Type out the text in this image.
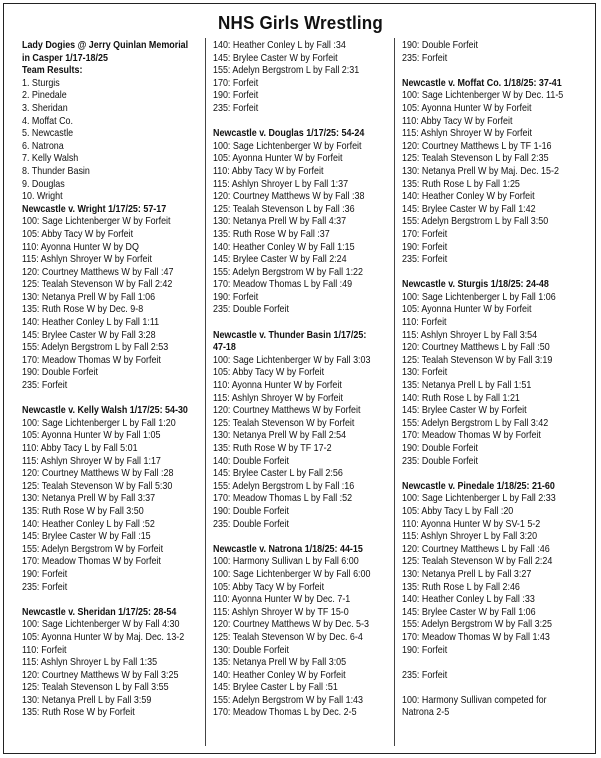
NHS Girls Wrestling
Lady Dogies @ Jerry Quinlan Memorial
in Casper 1/17-18/25
Team Results:
1. Sturgis
2. Pinedale
3. Sheridan
4. Moffat Co.
5. Newcastle
6. Natrona
7. Kelly Walsh
8. Thunder Basin
9. Douglas
10. Wright
Newcastle v. Wright 1/17/25: 57-17
100: Sage Lichtenberger W by Forfeit
105: Abby Tacy W by Forfeit
110: Ayonna Hunter W by DQ
115: Ashlyn Shroyer W by Forfeit
120: Courtney Matthews W by Fall :47
125: Tealah Stevenson W by Fall 2:42
130: Netanya Prell W by Fall 1:06
135: Ruth Rose W by Dec. 9-8
140: Heather Conley L by Fall 1:11
145: Brylee Caster W by Fall 3:28
155: Adelyn Bergstrom L by Fall 2:53
170: Meadow Thomas W by Forfeit
190: Double Forfeit
235: Forfeit
Newcastle v. Kelly Walsh 1/17/25: 54-30
100: Sage Lichtenberger L by Fall 1:20
105: Ayonna Hunter W by Fall 1:05
110: Abby Tacy L by Fall 5:01
115: Ashlyn Shroyer W by Fall 1:17
120: Courtney Matthews W by Fall :28
125: Tealah Stevenson W by Fall 5:30
130: Netanya Prell W by Fall 3:37
135: Ruth Rose W by Fall 3:50
140: Heather Conley L by Fall :52
145: Brylee Caster W by Fall :15
155: Adelyn Bergstrom W by Forfeit
170: Meadow Thomas W by Forfeit
190: Forfeit
235: Forfeit
Newcastle v. Sheridan 1/17/25: 28-54
100: Sage Lichtenberger W by Fall 4:30
105: Ayonna Hunter W by Maj. Dec. 13-2
110: Forfeit
115: Ashlyn Shroyer L by Fall 1:35
120: Courtney Matthews W by Fall 3:25
125: Tealah Stevenson L by Fall 3:55
130: Netanya Prell L by Fall 3:59
135: Ruth Rose W by Forfeit
140: Heather Conley L by Fall :34
145: Brylee Caster W by Forfeit
155: Adelyn Bergstrom L by Fall 2:31
170: Forfeit
190: Forfeit
235: Forfeit
Newcastle v. Douglas 1/17/25: 54-24
100: Sage Lichtenberger W by Forfeit
105: Ayonna Hunter W by Forfeit
110: Abby Tacy W by Forfeit
115: Ashlyn Shroyer L by Fall 1:37
120: Courtney Matthews W by Fall :38
125: Tealah Stevenson L by Fall :36
130: Netanya Prell W by Fall 4:37
135: Ruth Rose W by Fall :37
140: Heather Conley W by Fall 1:15
145: Brylee Caster W by Fall 2:24
155: Adelyn Bergstrom W by Fall 1:22
170: Meadow Thomas L by Fall :49
190: Forfeit
235: Double Forfeit
Newcastle v. Thunder Basin 1/17/25:
47-18
100: Sage Lichtenberger W by Fall 3:03
105: Abby Tacy W by Forfeit
110: Ayonna Hunter W by Forfeit
115: Ashlyn Shroyer W by Forfeit
120: Courtney Matthews W by Forfeit
125: Tealah Stevenson W by Forfeit
130: Netanya Prell W by Fall 2:54
135: Ruth Rose W by TF 17-2
140: Double Forfeit
145: Brylee Caster L by Fall 2:56
155: Adelyn Bergstrom L by Fall :16
170: Meadow Thomas L by Fall :52
190: Double Forfeit
235: Double Forfeit
Newcastle v. Natrona 1/18/25: 44-15
100: Harmony Sullivan L by Fall 6:00
100: Sage Lichtenberger W by Fall 6:00
105: Abby Tacy W by Forfeit
110: Ayonna Hunter W by Dec. 7-1
115: Ashlyn Shroyer W by TF 15-0
120: Courtney Matthews W by Dec. 5-3
125: Tealah Stevenson W by Dec. 6-4
130: Double Forfeit
135: Netanya Prell W by Fall 3:05
140: Heather Conley W by Forfeit
145: Brylee Caster L by Fall :51
155: Adelyn Bergstrom W by Fall 1:43
170: Meadow Thomas L by Dec. 2-5
190: Double Forfeit
235: Forfeit
Newcastle v. Moffat Co. 1/18/25: 37-41
100: Sage Lichtenberger W by Dec. 11-5
105: Ayonna Hunter W by Forfeit
110: Abby Tacy W by Forfeit
115: Ashlyn Shroyer W by Forfeit
120: Courtney Matthews L by TF 1-16
125: Tealah Stevenson L by Fall 2:35
130: Netanya Prell W by Maj. Dec. 15-2
135: Ruth Rose L by Fall 1:25
140: Heather Conley W by Forfeit
145: Brylee Caster W by Fall 1:42
155: Adelyn Bergstrom L by Fall 3:50
170: Forfeit
190: Forfeit
235: Forfeit
Newcastle v. Sturgis 1/18/25: 24-48
100: Sage Lichtenberger L by Fall 1:06
105: Ayonna Hunter W by Forfeit
110: Forfeit
115: Ashlyn Shroyer L by Fall 3:54
120: Courtney Matthews L by Fall :50
125: Tealah Stevenson W by Fall 3:19
130: Forfeit
135: Netanya Prell L by Fall 1:51
140: Ruth Rose L by Fall 1:21
145: Brylee Caster W by Forfeit
155: Adelyn Bergstrom L by Fall 3:42
170: Meadow Thomas W by Forfeit
190: Double Forfeit
235: Double Forfeit
Newcastle v. Pinedale 1/18/25: 21-60
100: Sage Lichtenberger L by Fall 2:33
105: Abby Tacy L by Fall :20
110: Ayonna Hunter W by SV-1 5-2
115: Ashlyn Shroyer L by Fall 3:20
120: Courtney Matthews L by Fall :46
125: Tealah Stevenson W by Fall 2:24
130: Netanya Prell L by Fall 3:27
135: Ruth Rose L by Fall 2:46
140: Heather Conley L by Fall :33
145: Brylee Caster W by Fall 1:06
155: Adelyn Bergstrom W by Fall 3:25
170: Meadow Thomas W by Fall 1:43
190: Forfeit
235: Forfeit
100: Harmony Sullivan competed for
Natrona 2-5
